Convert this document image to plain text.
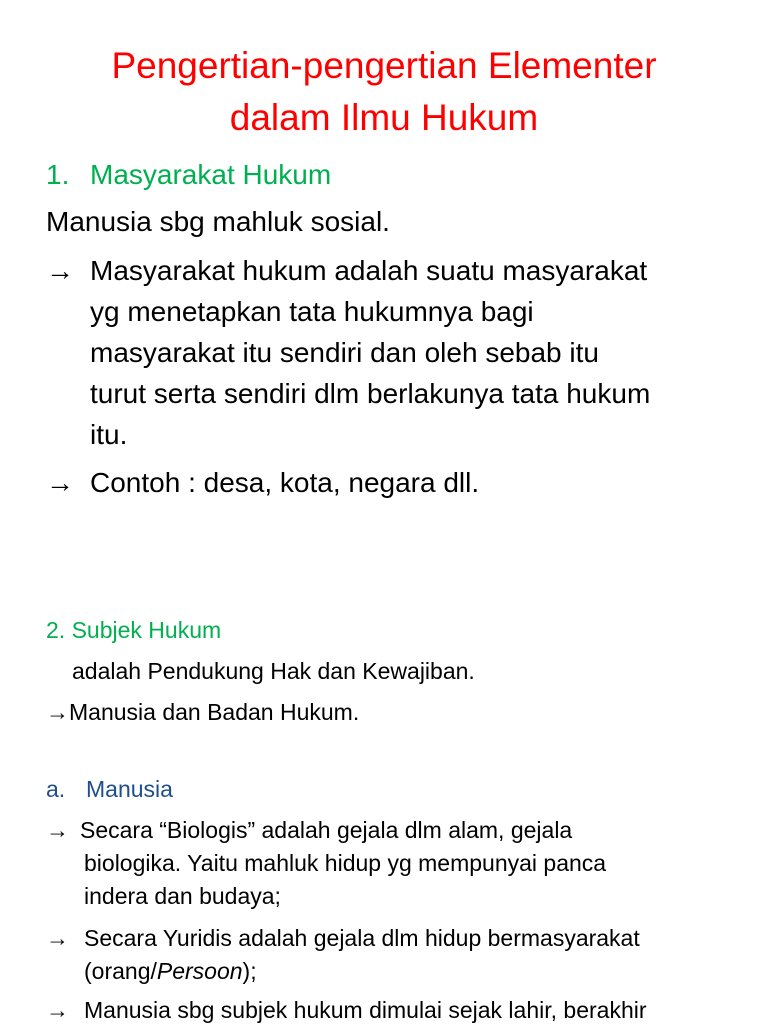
Pengertian-pengertian Elementer
dalam Ilmu Hukum
1. Masyarakat Hukum
Manusia sbg mahluk sosial.
→ Masyarakat hukum adalah suatu masyarakat
yg menetapkan tata hukumnya bagi
masyarakat itu sendiri dan oleh sebab itu
turut serta sendiri dlm berlakunya tata hukum
itu.
→ Contoh : desa, kota, negara dll.
2. Subjek Hukum
adalah Pendukung Hak dan Kewajiban.
→Manusia dan Badan Hukum.
a. Manusia
→ Secara “Biologis” adalah gejala dlm alam, gejala
biologika. Yaitu mahluk hidup yg mempunyai panca
indera dan budaya;
→ Secara Yuridis adalah gejala dlm hidup bermasyarakat
(orang/Persoon);
→ Manusia sbg subjek hukum dimulai sejak lahir, berakhir
